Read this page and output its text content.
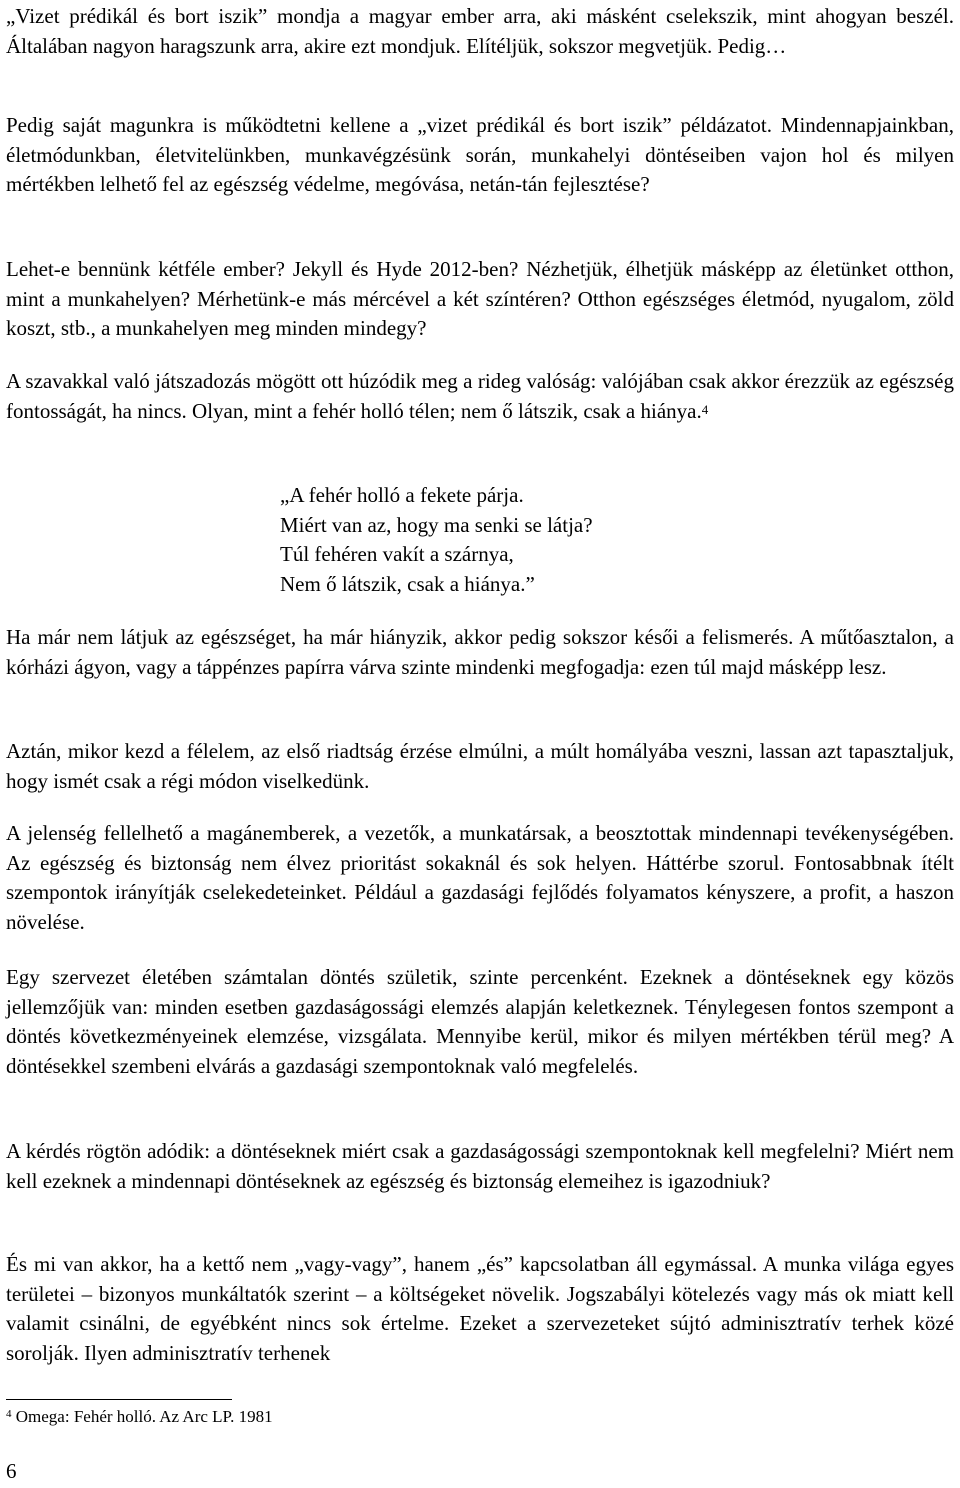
„Vizet prédikál és bort iszik” mondja a magyar ember arra, aki másként cselekszik, mint ahogyan beszél. Általában nagyon haragszunk arra, akire ezt mondjuk. Elítéljük, sokszor megvetjük. Pedig…

Pedig saját magunkra is működtetni kellene a „vizet prédikál és bort iszik” példázatot. Mindennapjainkban, életmódunkban, életvitelünkben, munkavégzésünk során, munkahelyi döntéseiben vajon hol és milyen mértékben lelhető fel az egészség védelme, megóvása, netán-tán fejlesztése?

Lehet-e bennünk kétféle ember? Jekyll és Hyde 2012-ben? Nézhetjük, élhetjük másképp az életünket otthon, mint a munkahelyen? Mérhetünk-e más mércével a két színtéren? Otthon egészséges életmód, nyugalom, zöld koszt, stb., a munkahelyen meg minden mindegy?

A szavakkal való játszadozás mögött ott húzódik meg a rideg valóság: valójában csak akkor érezzük az egészség fontosságát, ha nincs. Olyan, mint a fehér holló télen; nem ő látszik, csak a hiánya.$^4$

„A fehér holló a fekete párja.
Miért van az, hogy ma senki se látja?
Túl fehéren vakít a szárnya,
Nem ő látszik, csak a hiánya.”

Ha már nem látjuk az egészséget, ha már hiányzik, akkor pedig sokszor késői a felismerés. A műtőasztalon, a kórházi ágyon, vagy a táppénzes papírra várva szinte mindenki megfogadja: ezen túl majd másképp lesz.

Aztán, mikor kezd a félelem, az első riadtság érzése elmúlni, a múlt homályába veszni, lassan azt tapasztaljuk, hogy ismét csak a régi módon viselkedünk.

A jelenség fellelhető a magánemberek, a vezetők, a munkatársak, a beosztottak mindennapi tevékenységében. Az egészség és biztonság nem élvez prioritást sokaknál és sok helyen. Háttérbe szorul. Fontosabbnak ítélt szempontok irányítják cselekedeteinket. Például a gazdasági fejlődés folyamatos kényszere, a profit, a haszon növelése.

Egy szervezet életében számtalan döntés születik, szinte percenként. Ezeknek a döntéseknek egy közös jellemzőjük van: minden esetben gazdaságossági elemzés alapján keletkeznek. Ténylegesen fontos szempont a döntés következményeinek elemzése, vizsgálata. Mennyibe kerül, mikor és milyen mértékben térül meg? A döntésekkel szembeni elvárás a gazdasági szempontoknak való megfelelés.

A kérdés rögtön adódik: a döntéseknek miért csak a gazdaságossági szempontoknak kell megfelelni? Miért nem kell ezeknek a mindennapi döntéseknek az egészség és biztonság elemeihez is igazodniuk?

És mi van akkor, ha a kettő nem „vagy-vagy”, hanem „és” kapcsolatban áll egymással. A munka világa egyes területei – bizonyos munkáltatók szerint – a költségeket növelik. Jogszabályi kötelezés vagy más ok miatt kell valamit csinálni, de egyébként nincs sok értelme. Ezeket a szervezeteket sújtó adminisztratív terhek közé sorolják. Ilyen adminisztratív terhenek

$^4$ Omega: Fehér holló. Az Arc LP. 1981
6
